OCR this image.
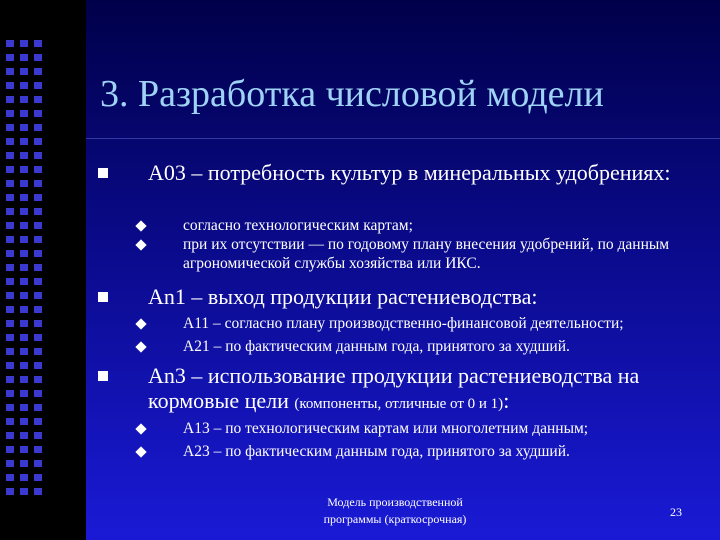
3. Разработка числовой модели
A03 – потребность культур в минеральных удобрениях:
согласно технологическим картам;
при их отсутствии — по годовому плану внесения удобрений, по данным агрономической службы хозяйства или ИКС.
An1 – выход продукции растениеводства:
A11 – согласно плану производственно-финансовой деятельности;
A21 – по фактическим данным года, принятого за худший.
An3 – использование продукции растениеводства на кормовые цели (компоненты, отличные от 0 и 1):
A13 – по технологическим картам или многолетним данным;
A23 – по фактическим данным года, принятого за худший.
Модель производственной программы (краткосрочная)	23
